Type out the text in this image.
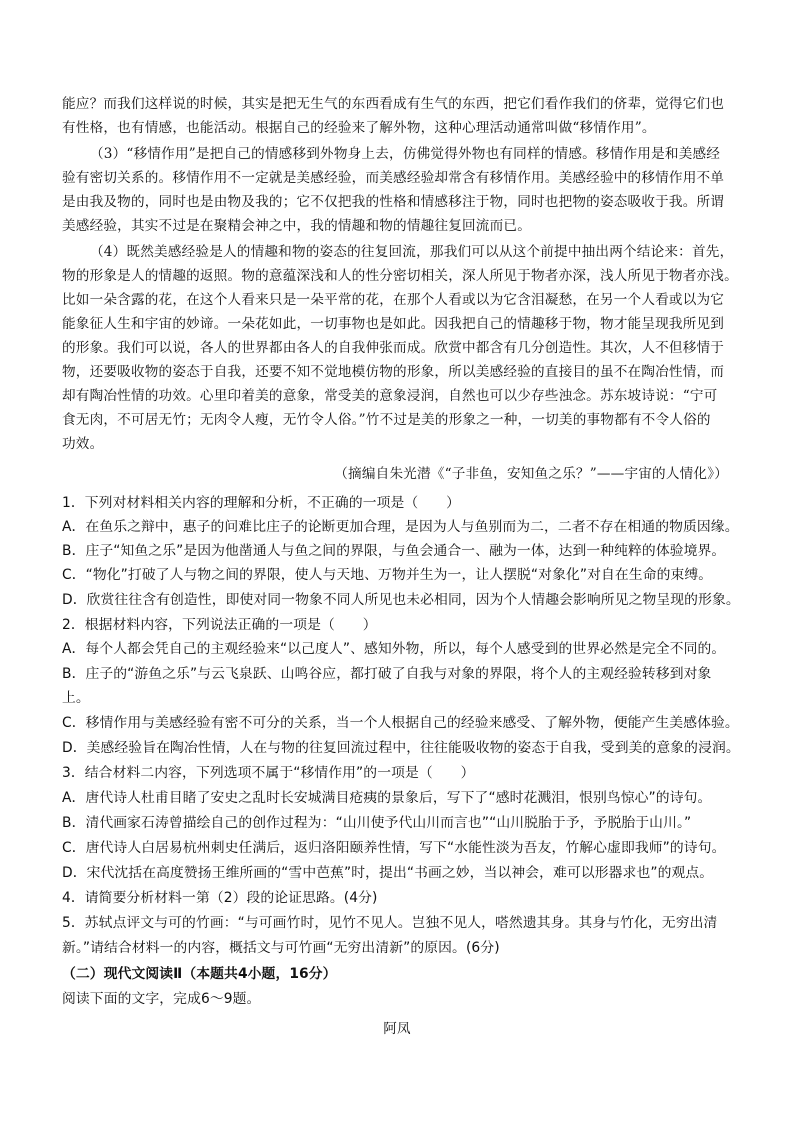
能应？而我们这样说的时候，其实是把无生气的东西看成有生气的东西，把它们看作我们的侪辈，觉得它们也
有性格，也有情感，也能活动。根据自己的经验来了解外物，这种心理活动通常叫做“移情作用”。
（3）“移情作用”是把自己的情感移到外物身上去，仿佛觉得外物也有同样的情感。移情作用是和美感经
验有密切关系的。移情作用不一定就是美感经验，而美感经验却常含有移情作用。美感经验中的移情作用不单
是由我及物的，同时也是由物及我的；它不仅把我的性格和情感移注于物，同时也把物的姿态吸收于我。所谓
美感经验，其实不过是在聚精会神之中，我的情趣和物的情趣往复回流而已。
（4）既然美感经验是人的情趣和物的姿态的往复回流，那我们可以从这个前提中抽出两个结论来：首先，
物的形象是人的情趣的返照。物的意蕴深浅和人的性分密切相关，深人所见于物者亦深，浅人所见于物者亦浅。
比如一朵含露的花，在这个人看来只是一朵平常的花，在那个人看或以为它含泪凝愁，在另一个人看或以为它
能象征人生和宇宙的妙谛。一朵花如此，一切事物也是如此。因我把自己的情趣移于物，物才能呈现我所见到
的形象。我们可以说，各人的世界都由各人的自我伸张而成。欣赏中都含有几分创造性。其次，人不但移情于
物，还要吸收物的姿态于自我，还要不知不觉地模仿物的形象，所以美感经验的直接目的虽不在陶冶性情，而
却有陶冶性情的功效。心里印着美的意象，常受美的意象浸润，自然也可以少存些浊念。苏东坡诗说：“宁可
食无肉，不可居无竹；无肉令人瘦，无竹令人俗。”竹不过是美的形象之一种，一切美的事物都有不令人俗的
功效。
（摘编自朱光潜《“子非鱼，安知鱼之乐？”——宇宙的人情化》）
1．下列对材料相关内容的理解和分析，不正确的一项是（　　）
A．在鱼乐之辩中，惠子的问难比庄子的论断更加合理，是因为人与鱼别而为二，二者不存在相通的物质因缘。
B．庄子“知鱼之乐”是因为他凿通人与鱼之间的界限，与鱼会通合一、融为一体，达到一种纯粹的体验境界。
C．“物化”打破了人与物之间的界限，使人与天地、万物并生为一，让人摆脱“对象化”对自在生命的束缚。
D．欣赏往往含有创造性，即使对同一物象不同人所见也未必相同，因为个人情趣会影响所见之物呈现的形象。
2．根据材料内容，下列说法正确的一项是（　　）
A．每个人都会凭自己的主观经验来“以己度人”、感知外物，所以，每个人感受到的世界必然是完全不同的。
B．庄子的“游鱼之乐”与云飞泉跃、山鸣谷应，都打破了自我与对象的界限，将个人的主观经验转移到对象
上。
C．移情作用与美感经验有密不可分的关系，当一个人根据自己的经验来感受、了解外物，便能产生美感体验。
D．美感经验旨在陶冶性情，人在与物的往复回流过程中，往往能吸收物的姿态于自我，受到美的意象的浸润。
3．结合材料二内容，下列选项不属于“移情作用”的一项是（　　）
A．唐代诗人杜甫目睹了安史之乱时长安城满目疮痍的景象后，写下了“感时花溅泪，恨别鸟惊心”的诗句。
B．清代画家石涛曾描绘自己的创作过程为：“山川使予代山川而言也”“山川脱胎于予，予脱胎于山川。”
C．唐代诗人白居易杭州刺史任满后，返归洛阳颐养性情，写下“水能性淡为吾友，竹解心虚即我师”的诗句。
D．宋代沈括在高度赞扬王维所画的“雪中芭蕉”时，提出“书画之妙，当以神会，难可以形器求也”的观点。
4．请简要分析材料一第（2）段的论证思路。(4分)
5．苏轼点评文与可的竹画：“与可画竹时，见竹不见人。岂独不见人，嗒然遗其身。其身与竹化，无穷出清
新。”请结合材料一的内容，概括文与可竹画“无穷出清新”的原因。(6分)
（二）现代文阅读Ⅱ（本题共4小题，16分）
阅读下面的文字，完成6～9题。
阿凤
